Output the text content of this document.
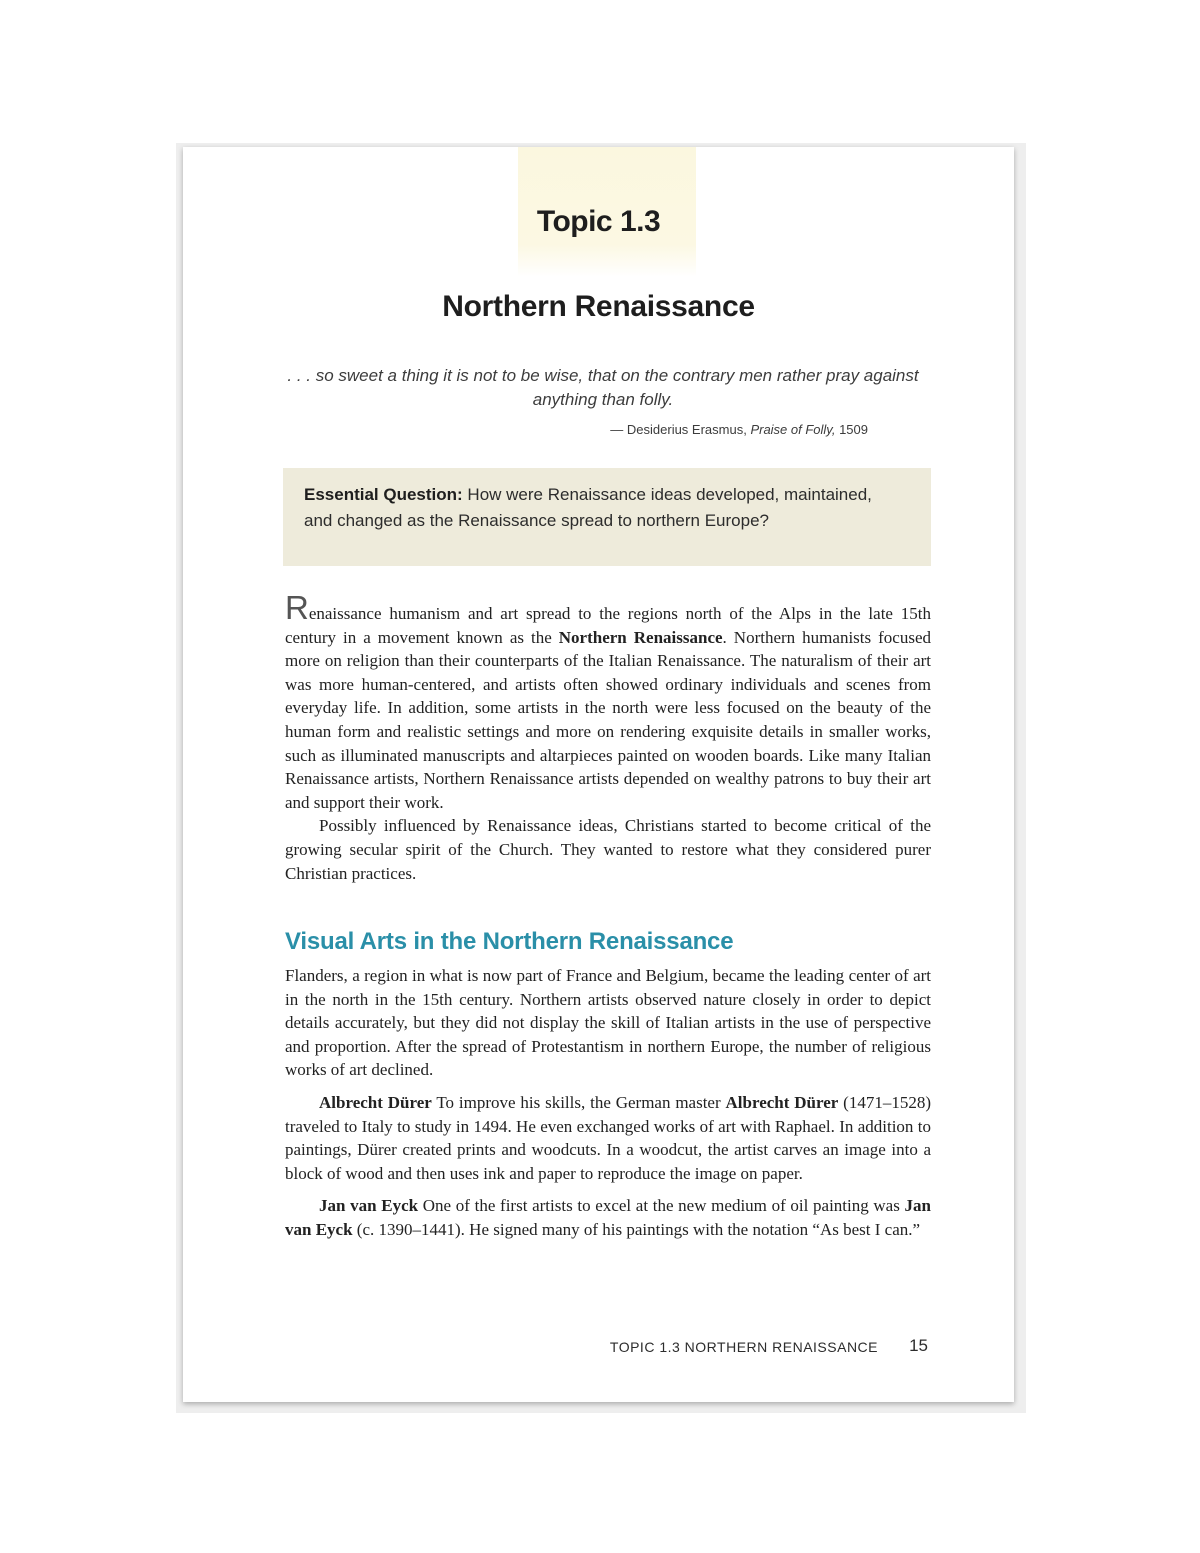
Topic 1.3
Northern Renaissance
. . . so sweet a thing it is not to be wise, that on the contrary men rather pray against anything than folly.
— Desiderius Erasmus, Praise of Folly, 1509
Essential Question: How were Renaissance ideas developed, maintained, and changed as the Renaissance spread to northern Europe?

Renaissance humanism and art spread to the regions north of the Alps in the late 15th century in a movement known as the Northern Renaissance. Northern humanists focused more on religion than their counterparts of the Italian Renaissance. The naturalism of their art was more human-centered, and artists often showed ordinary individuals and scenes from everyday life. In addition, some artists in the north were less focused on the beauty of the human form and realistic settings and more on rendering exquisite details in smaller works, such as illuminated manuscripts and altarpieces painted on wooden boards. Like many Italian Renaissance artists, Northern Renaissance artists depended on wealthy patrons to buy their art and support their work.

Possibly influenced by Renaissance ideas, Christians started to become critical of the growing secular spirit of the Church. They wanted to restore what they considered purer Christian practices.

Visual Arts in the Northern Renaissance

Flanders, a region in what is now part of France and Belgium, became the leading center of art in the north in the 15th century. Northern artists observed nature closely in order to depict details accurately, but they did not display the skill of Italian artists in the use of perspective and proportion. After the spread of Protestantism in northern Europe, the number of religious works of art declined.

Albrecht Dürer To improve his skills, the German master Albrecht Dürer (1471–1528) traveled to Italy to study in 1494. He even exchanged works of art with Raphael. In addition to paintings, Dürer created prints and woodcuts. In a woodcut, the artist carves an image into a block of wood and then uses ink and paper to reproduce the image on paper.

Jan van Eyck One of the first artists to excel at the new medium of oil painting was Jan van Eyck (c. 1390–1441). He signed many of his paintings with the notation “As best I can.”

TOPIC 1.3 NORTHERN RENAISSANCE 15
